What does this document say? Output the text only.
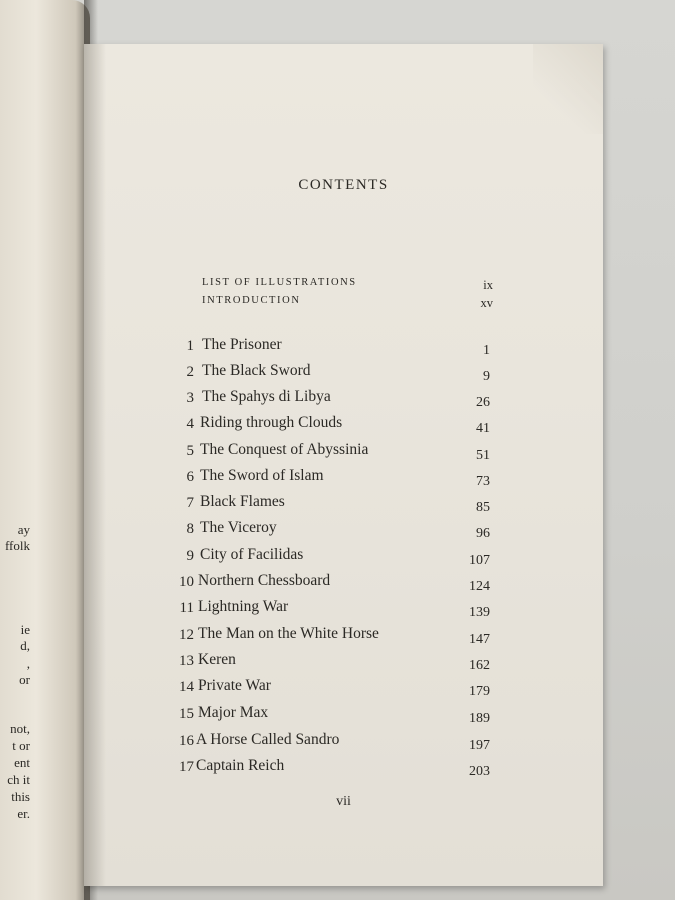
ay
ffolk
ie
d,
,
or
not,
t or
ent
ch it
this
er.
CONTENTS
LIST OF ILLUSTRATIONS	ix
INTRODUCTION	xv
1 The Prisoner	1
2 The Black Sword	9
3 The Spahys di Libya	26
4 Riding through Clouds	41
5 The Conquest of Abyssinia	51
6 The Sword of Islam	73
7 Black Flames	85
8 The Viceroy	96
9 City of Facilidas	107
10 Northern Chessboard	124
11 Lightning War	139
12 The Man on the White Horse	147
13 Keren	162
14 Private War	179
15 Major Max	189
16 A Horse Called Sandro	197
17 Captain Reich	203
vii
